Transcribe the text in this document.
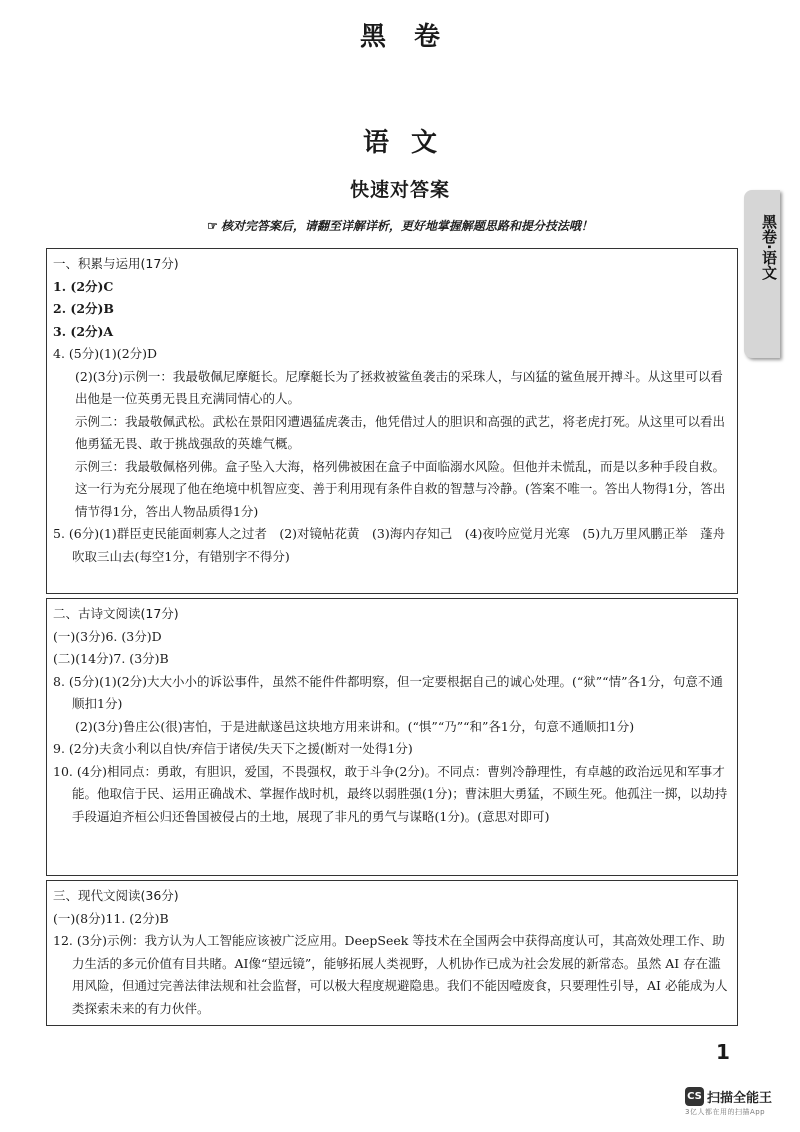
黑卷
语文
快速对答案
☞ 核对完答案后，请翻至详解详析，更好地掌握解题思路和提分技法哦！	黑卷·语文

一、积累与运用(17分)

1. (2分)C

2. (2分)B

3. (2分)A

4. (5分)(1)(2分)D

(2)(3分)示例一：我最敬佩尼摩艇长。尼摩艇长为了拯救被鲨鱼袭击的采珠人，与凶猛的鲨鱼展开搏斗。从这里可以看出他是一位英勇无畏且充满同情心的人。

示例二：我最敬佩武松。武松在景阳冈遭遇猛虎袭击，他凭借过人的胆识和高强的武艺，将老虎打死。从这里可以看出他勇猛无畏、敢于挑战强敌的英雄气概。

示例三：我最敬佩格列佛。盒子坠入大海，格列佛被困在盒子中面临溺水风险。但他并未慌乱，而是以多种手段自救。这一行为充分展现了他在绝境中机智应变、善于利用现有条件自救的智慧与冷静。(答案不唯一。答出人物得1分，答出情节得1分，答出人物品质得1分)

5. (6分)(1)群臣吏民能面刺寡人之过者　(2)对镜帖花黄　(3)海内存知己　(4)夜吟应觉月光寒　(5)九万里风鹏正举　蓬舟吹取三山去(每空1分，有错别字不得分)

二、古诗文阅读(17分)

(一)(3分)6. (3分)D

(二)(14分)7. (3分)B

8. (5分)(1)(2分)大大小小的诉讼事件，虽然不能件件都明察，但一定要根据自己的诚心处理。(“狱”“情”各1分，句意不通顺扣1分)

(2)(3分)鲁庄公(很)害怕，于是进献遂邑这块地方用来讲和。(“惧”“乃”“和”各1分，句意不通顺扣1分)

9. (2分)夫贪小利以自快/弃信于诸侯/失天下之援(断对一处得1分)

10. (4分)相同点：勇敢，有胆识，爱国，不畏强权，敢于斗争(2分)。不同点：曹刿冷静理性，有卓越的政治远见和军事才能。他取信于民、运用正确战术、掌握作战时机，最终以弱胜强(1分)；曹沫胆大勇猛，不顾生死。他孤注一掷，以劫持手段逼迫齐桓公归还鲁国被侵占的土地，展现了非凡的勇气与谋略(1分)。(意思对即可)

三、现代文阅读(36分)

(一)(8分)11. (2分)B

12. (3分)示例：我方认为人工智能应该被广泛应用。DeepSeek 等技术在全国两会中获得高度认可，其高效处理工作、助力生活的多元价值有目共睹。AI像“望远镜”，能够拓展人类视野，人机协作已成为社会发展的新常态。虽然 AI 存在滥用风险，但通过完善法律法规和社会监督，可以极大程度规避隐患。我们不能因噎废食，只要理性引导，AI 必能成为人类探索未来的有力伙伴。

1
CS 扫描全能王
3亿人都在用的扫描App
